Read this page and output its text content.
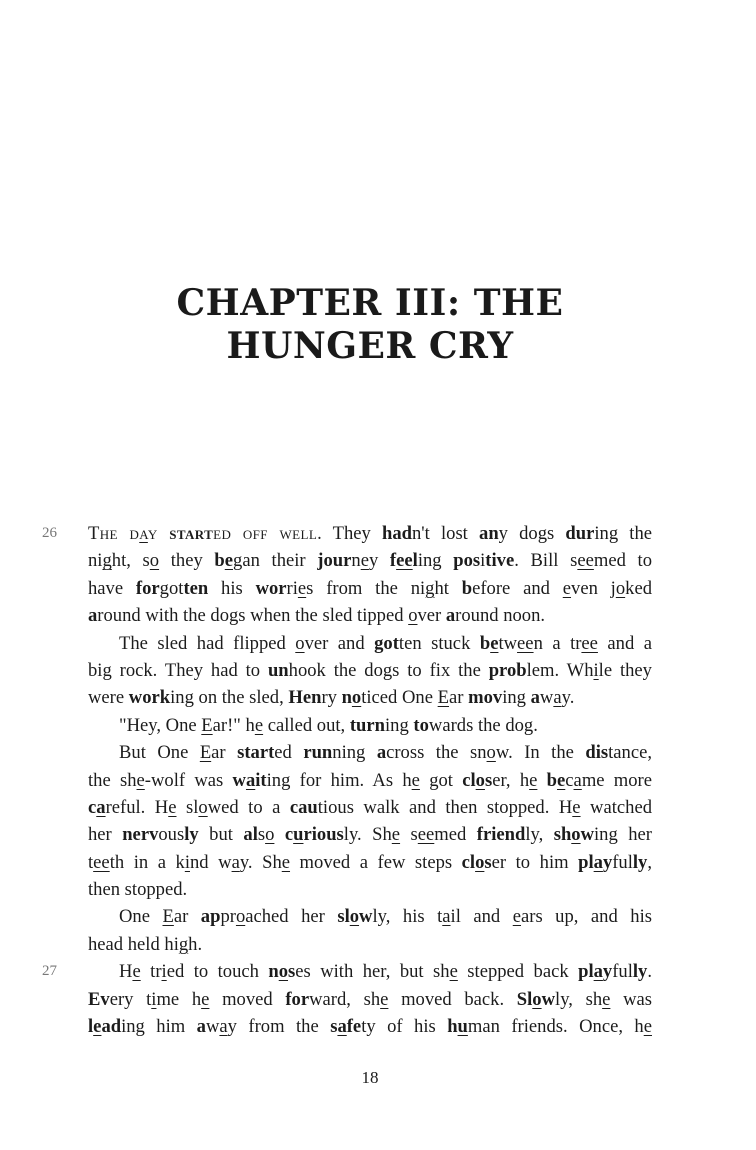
CHAPTER III: THE
HUNGER CRY
26
27
The day started off well. They hadn't lost any dogs during the
night, so they began their journey feeling positive. Bill seemed to
have forgotten his worries from the night before and even joked
around with the dogs when the sled tipped over around noon.
The sled had flipped over and gotten stuck between a tree and a
big rock. They had to unhook the dogs to fix the problem. While they
were working on the sled, Henry noticed One Ear moving away.
"Hey, One Ear!" he called out, turning towards the dog.
But One Ear started running across the snow. In the distance,
the she-wolf was waiting for him. As he got closer, he became more
careful. He slowed to a cautious walk and then stopped. He watched
her nervously but also curiously. She seemed friendly, showing her
teeth in a kind way. She moved a few steps closer to him playfully,
then stopped.
One Ear approached her slowly, his tail and ears up, and his
head held high.
He tried to touch noses with her, but she stepped back playfully.
Every time he moved forward, she moved back. Slowly, she was
leading him away from the safety of his human friends. Once, he
18
